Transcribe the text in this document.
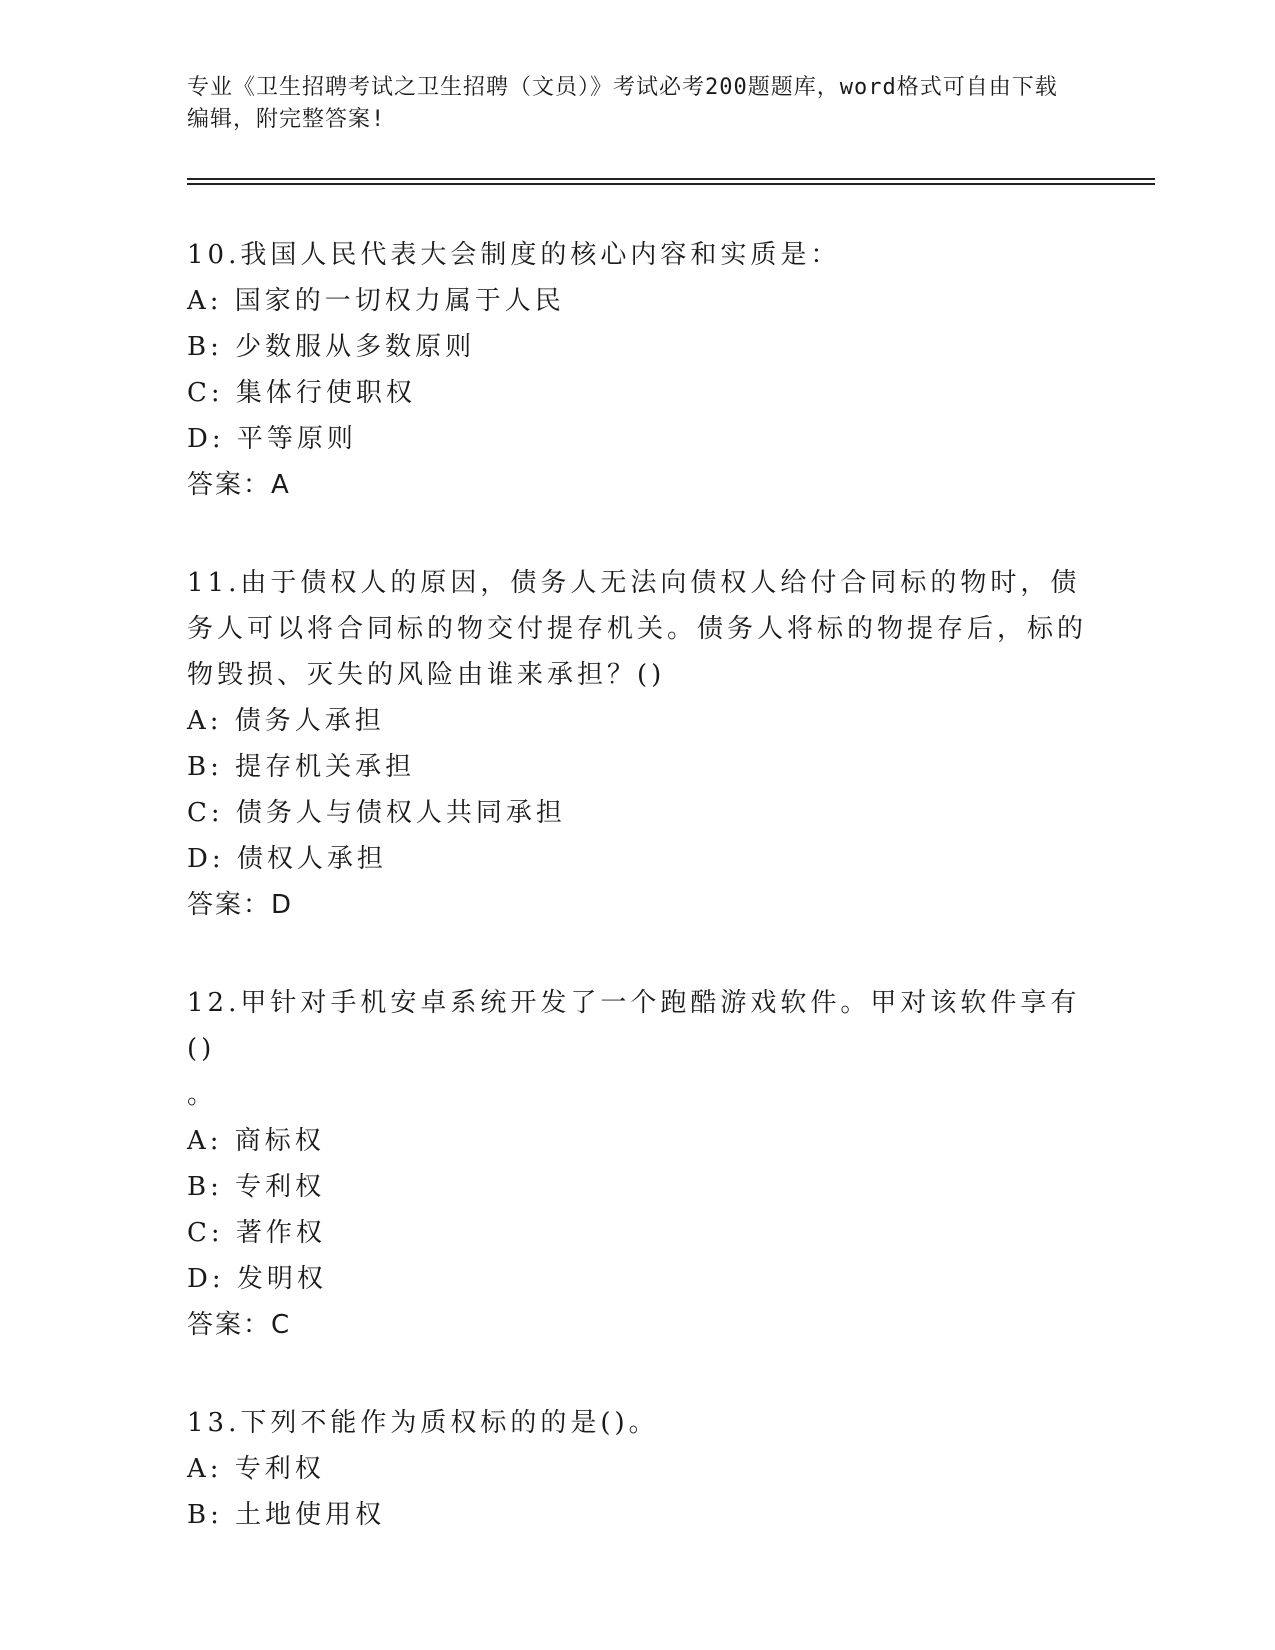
专业《卫生招聘考试之卫生招聘（文员）》考试必考200题题库，word格式可自由下载编辑，附完整答案!
10.我国人民代表大会制度的核心内容和实质是：
A: 国家的一切权力属于人民
B: 少数服从多数原则
C: 集体行使职权
D: 平等原则
答案：A
11.由于债权人的原因，债务人无法向债权人给付合同标的物时，债务人可以将合同标的物交付提存机关。债务人将标的物提存后，标的物毁损、灭失的风险由谁来承担？()
A: 债务人承担
B: 提存机关承担
C: 债务人与债权人共同承担
D: 债权人承担
答案：D
12.甲针对手机安卓系统开发了一个跑酷游戏软件。甲对该软件享有()
。
A: 商标权
B: 专利权
C: 著作权
D: 发明权
答案：C
13.下列不能作为质权标的的是()。
A: 专利权
B: 土地使用权
